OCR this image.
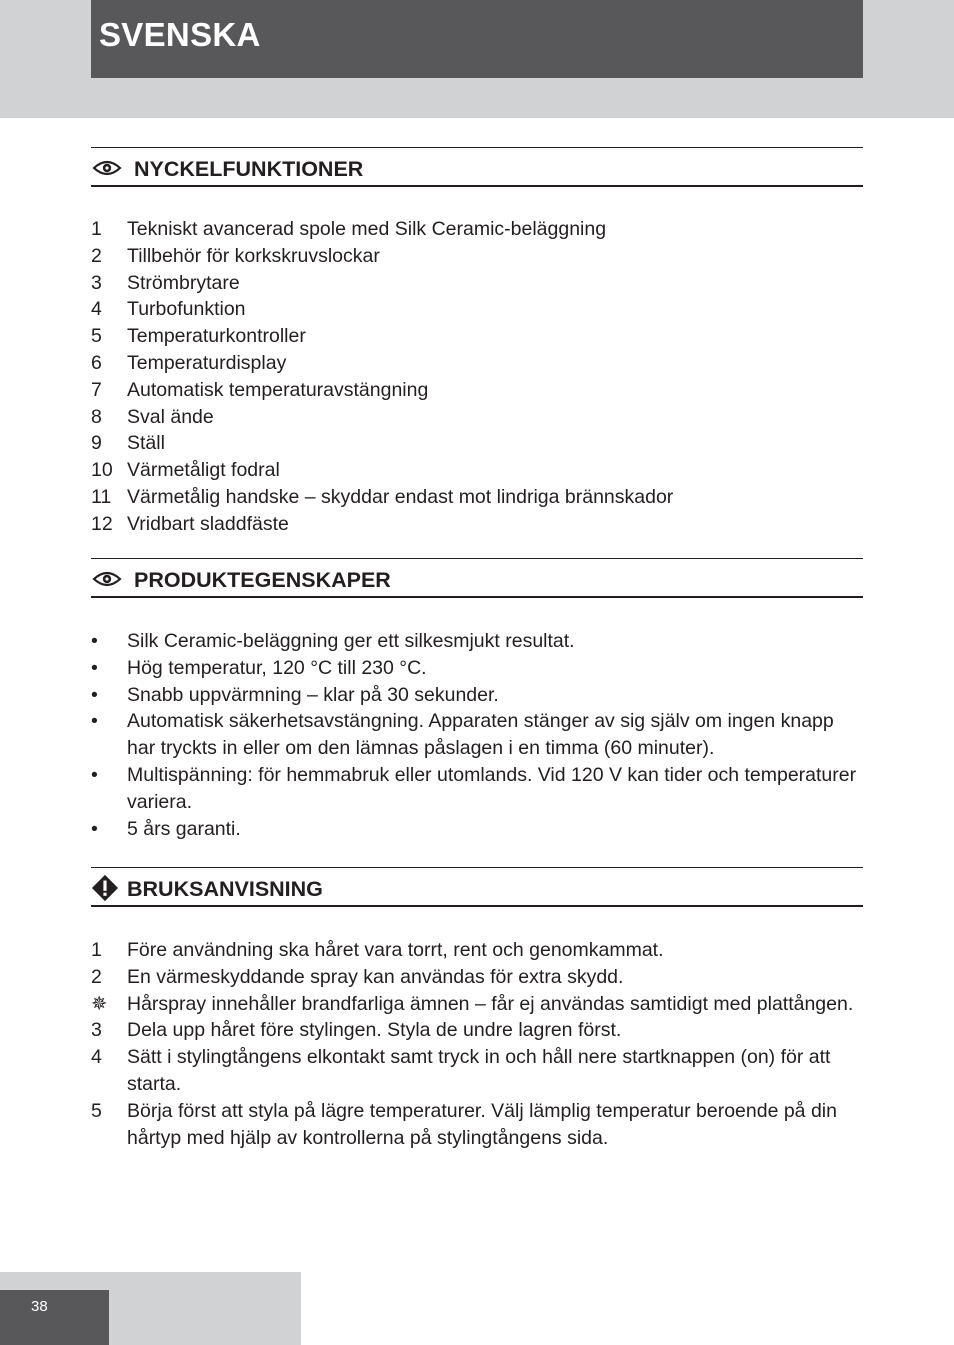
SVENSKA
NYCKELFUNKTIONER
1 Tekniskt avancerad spole med Silk Ceramic-beläggning
2 Tillbehör för korkskruvslockar
3 Strömbrytare
4 Turbofunktion
5 Temperaturkontroller
6 Temperaturdisplay
7 Automatisk temperaturavstängning
8 Sval ände
9 Ställ
10 Värmetåligt fodral
11 Värmetålig handske – skyddar endast mot lindriga brännskador
12 Vridbart sladdfäste
PRODUKTEGENSKAPER
• Silk Ceramic-beläggning ger ett silkesmjukt resultat.
• Hög temperatur, 120 °C till 230 °C.
• Snabb uppvärmning – klar på 30 sekunder.
• Automatisk säkerhetsavstängning. Apparaten stänger av sig själv om ingen knapp har tryckts in eller om den lämnas påslagen i en timma (60 minuter).
• Multispänning: för hemmabruk eller utomlands. Vid 120 V kan tider och temperaturer variera.
• 5 års garanti.
BRUKSANVISNING
1 Före användning ska håret vara torrt, rent och genomkammat.
2 En värmeskyddande spray kan användas för extra skydd.
✵ Hårspray innehåller brandfarliga ämnen – får ej användas samtidigt med plattången.
3 Dela upp håret före stylingen. Styla de undre lagren först.
4 Sätt i stylingtångens elkontakt samt tryck in och håll nere startknappen (on) för att starta.
5 Börja först att styla på lägre temperaturer. Välj lämplig temperatur beroende på din hårtyp med hjälp av kontrollerna på stylingtångens sida.
38
